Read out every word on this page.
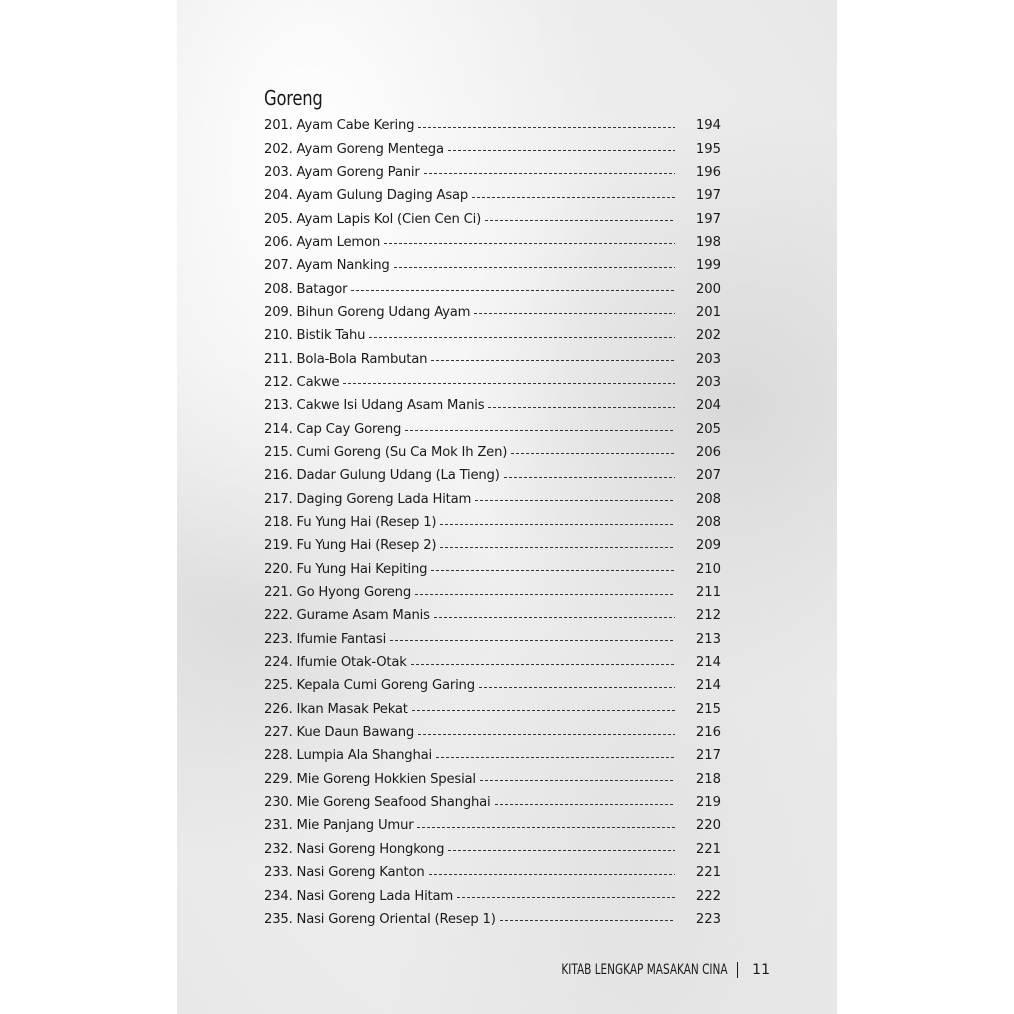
Goreng
201. Ayam Cabe Kering	194
202. Ayam Goreng Mentega	195
203. Ayam Goreng Panir	196
204. Ayam Gulung Daging Asap	197
205. Ayam Lapis Kol (Cien Cen Ci)	197
206. Ayam Lemon	198
207. Ayam Nanking	199
208. Batagor	200
209. Bihun Goreng Udang Ayam	201
210. Bistik Tahu	202
211. Bola-Bola Rambutan	203
212. Cakwe	203
213. Cakwe Isi Udang Asam Manis	204
214. Cap Cay Goreng	205
215. Cumi Goreng (Su Ca Mok Ih Zen)	206
216. Dadar Gulung Udang (La Tieng)	207
217. Daging Goreng Lada Hitam	208
218. Fu Yung Hai (Resep 1)	208
219. Fu Yung Hai (Resep 2)	209
220. Fu Yung Hai Kepiting	210
221. Go Hyong Goreng	211
222. Gurame Asam Manis	212
223. Ifumie Fantasi	213
224. Ifumie Otak-Otak	214
225. Kepala Cumi Goreng Garing	214
226. Ikan Masak Pekat	215
227. Kue Daun Bawang	216
228. Lumpia Ala Shanghai	217
229. Mie Goreng Hokkien Spesial	218
230. Mie Goreng Seafood Shanghai	219
231. Mie Panjang Umur	220
232. Nasi Goreng Hongkong	221
233. Nasi Goreng Kanton	221
234. Nasi Goreng Lada Hitam	222
235. Nasi Goreng Oriental (Resep 1)	223
KITAB LENGKAP MASAKAN CINA 11
